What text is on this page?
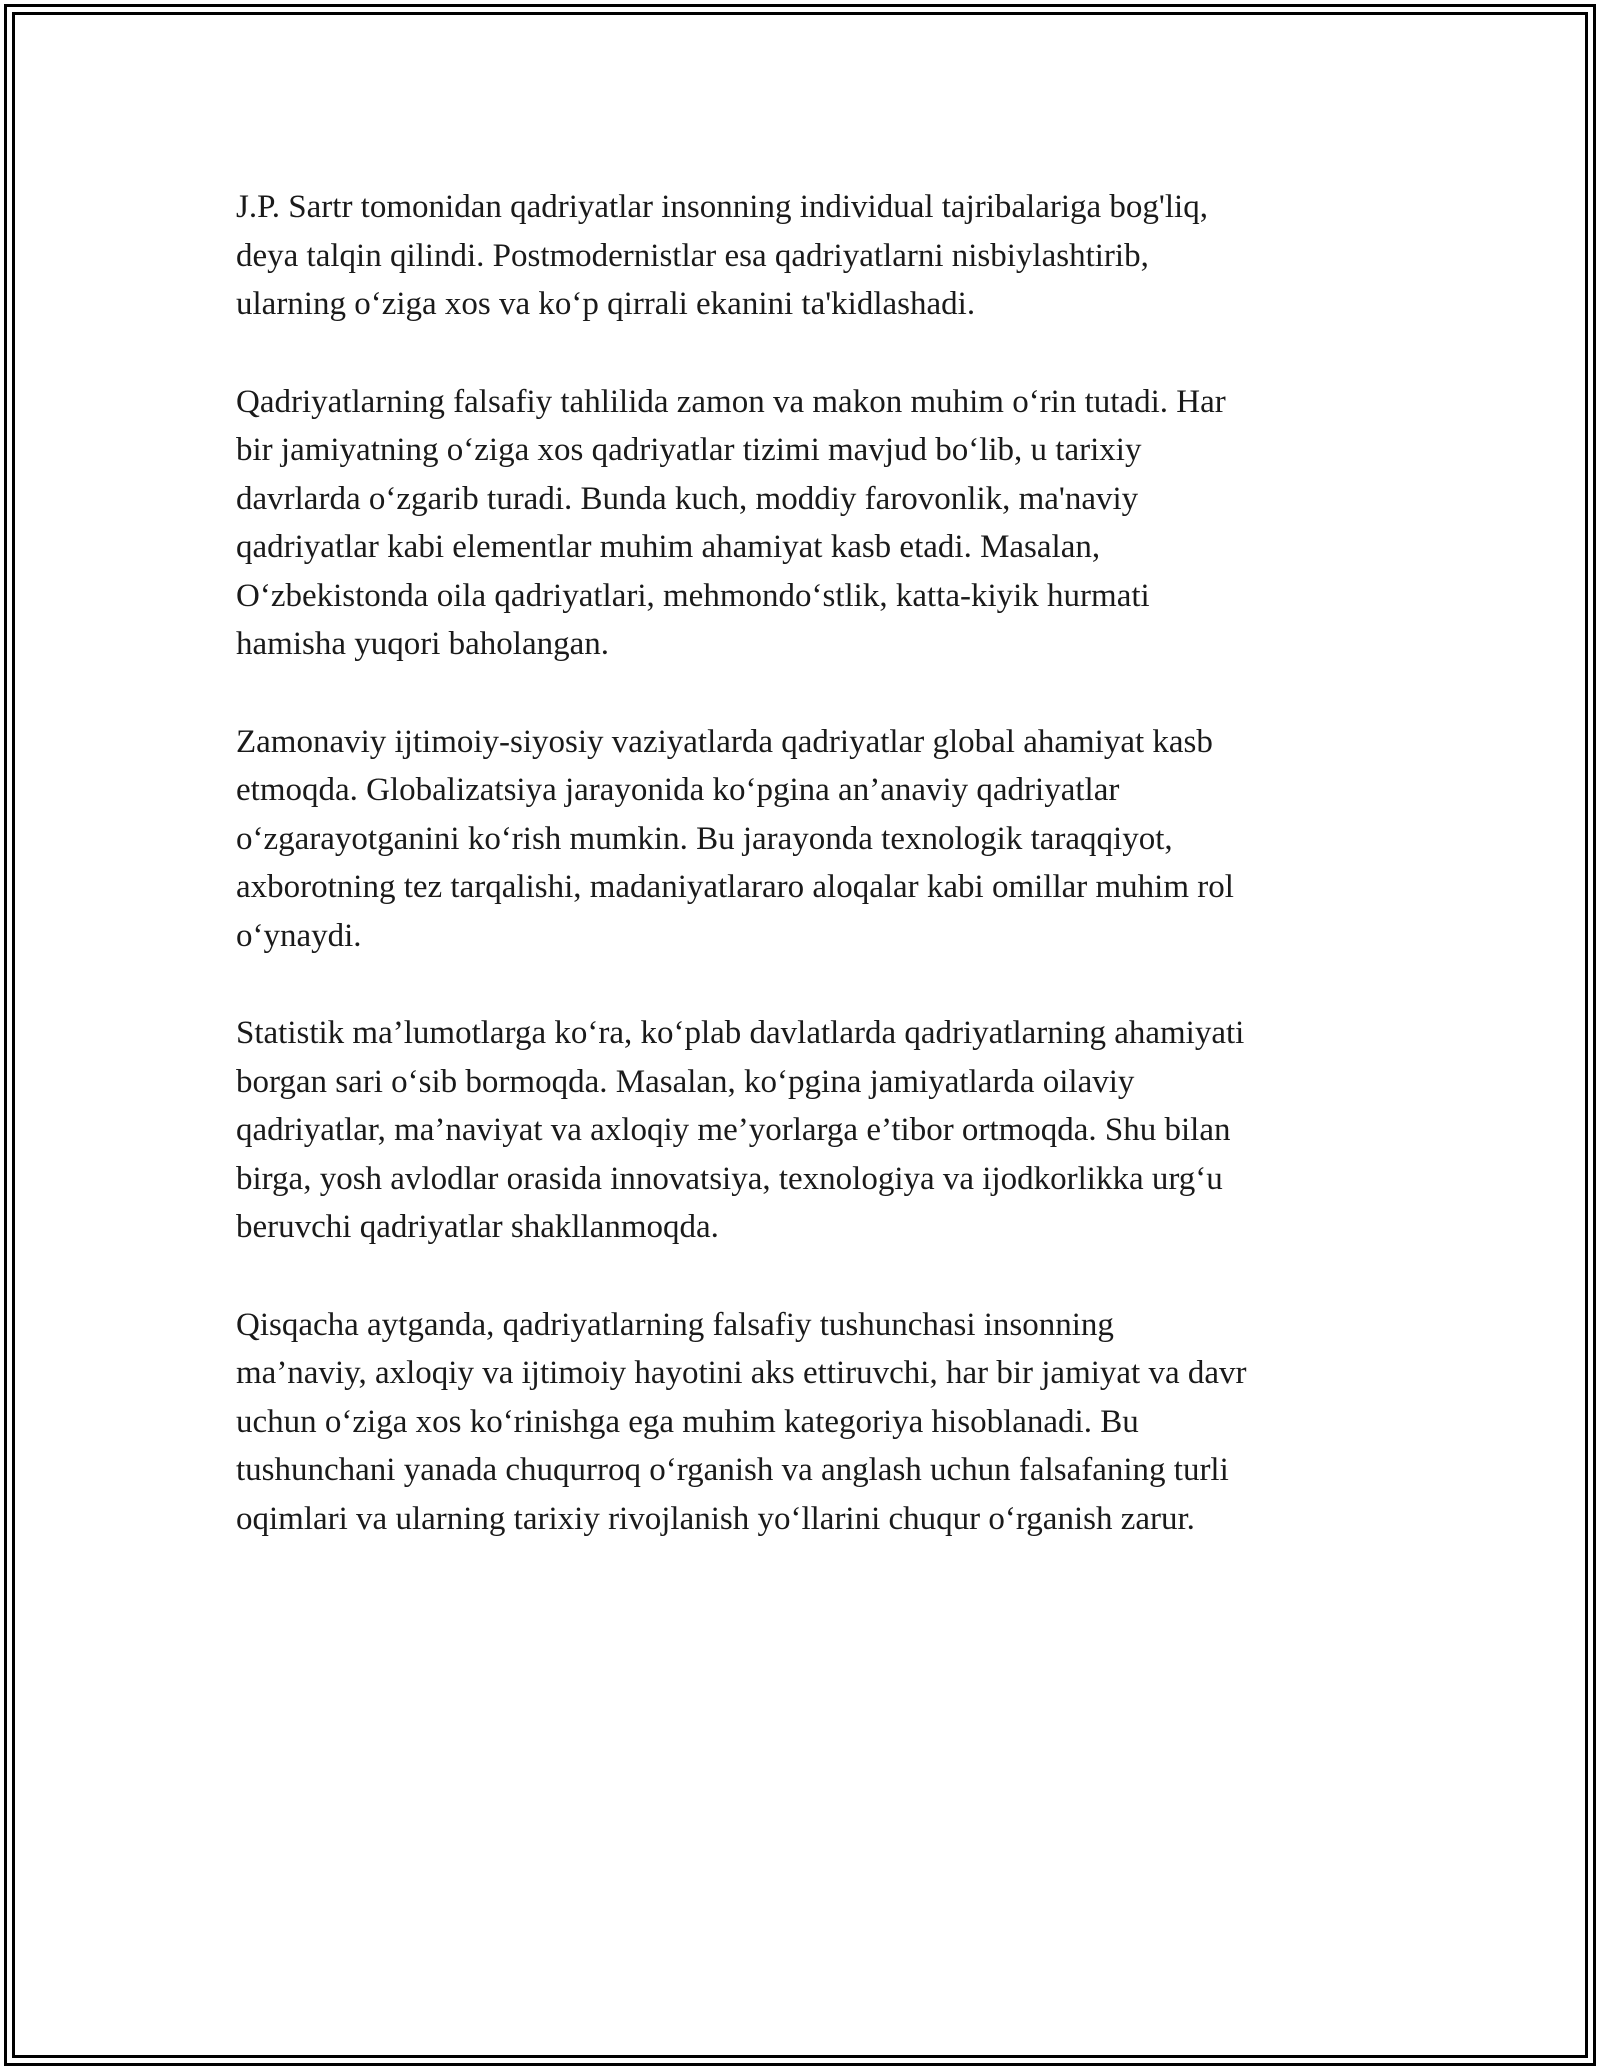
J.P. Sartr tomonidan qadriyatlar insonning individual tajribalariga bog'liq,
deya talqin qilindi. Postmodernistlar esa qadriyatlarni nisbiylashtirib,
ularning o‘ziga xos va ko‘p qirrali ekanini ta'kidlashadi.

Qadriyatlarning falsafiy tahlilida zamon va makon muhim o‘rin tutadi. Har
bir jamiyatning o‘ziga xos qadriyatlar tizimi mavjud bo‘lib, u tarixiy
davrlarda o‘zgarib turadi. Bunda kuch, moddiy farovonlik, ma'naviy
qadriyatlar kabi elementlar muhim ahamiyat kasb etadi. Masalan,
O‘zbekistonda oila qadriyatlari, mehmondo‘stlik, katta-kiyik hurmati
hamisha yuqori baholangan.

Zamonaviy ijtimoiy-siyosiy vaziyatlarda qadriyatlar global ahamiyat kasb
etmoqda. Globalizatsiya jarayonida ko‘pgina an’anaviy qadriyatlar
o‘zgarayotganini ko‘rish mumkin. Bu jarayonda texnologik taraqqiyot,
axborotning tez tarqalishi, madaniyatlararo aloqalar kabi omillar muhim rol
o‘ynaydi.

Statistik ma’lumotlarga ko‘ra, ko‘plab davlatlarda qadriyatlarning ahamiyati
borgan sari o‘sib bormoqda. Masalan, ko‘pgina jamiyatlarda oilaviy
qadriyatlar, ma’naviyat va axloqiy me’yorlarga e’tibor ortmoqda. Shu bilan
birga, yosh avlodlar orasida innovatsiya, texnologiya va ijodkorlikka urg‘u
beruvchi qadriyatlar shakllanmoqda.

Qisqacha aytganda, qadriyatlarning falsafiy tushunchasi insonning
ma’naviy, axloqiy va ijtimoiy hayotini aks ettiruvchi, har bir jamiyat va davr
uchun o‘ziga xos ko‘rinishga ega muhim kategoriya hisoblanadi. Bu
tushunchani yanada chuqurroq o‘rganish va anglash uchun falsafaning turli
oqimlari va ularning tarixiy rivojlanish yo‘llarini chuqur o‘rganish zarur.
